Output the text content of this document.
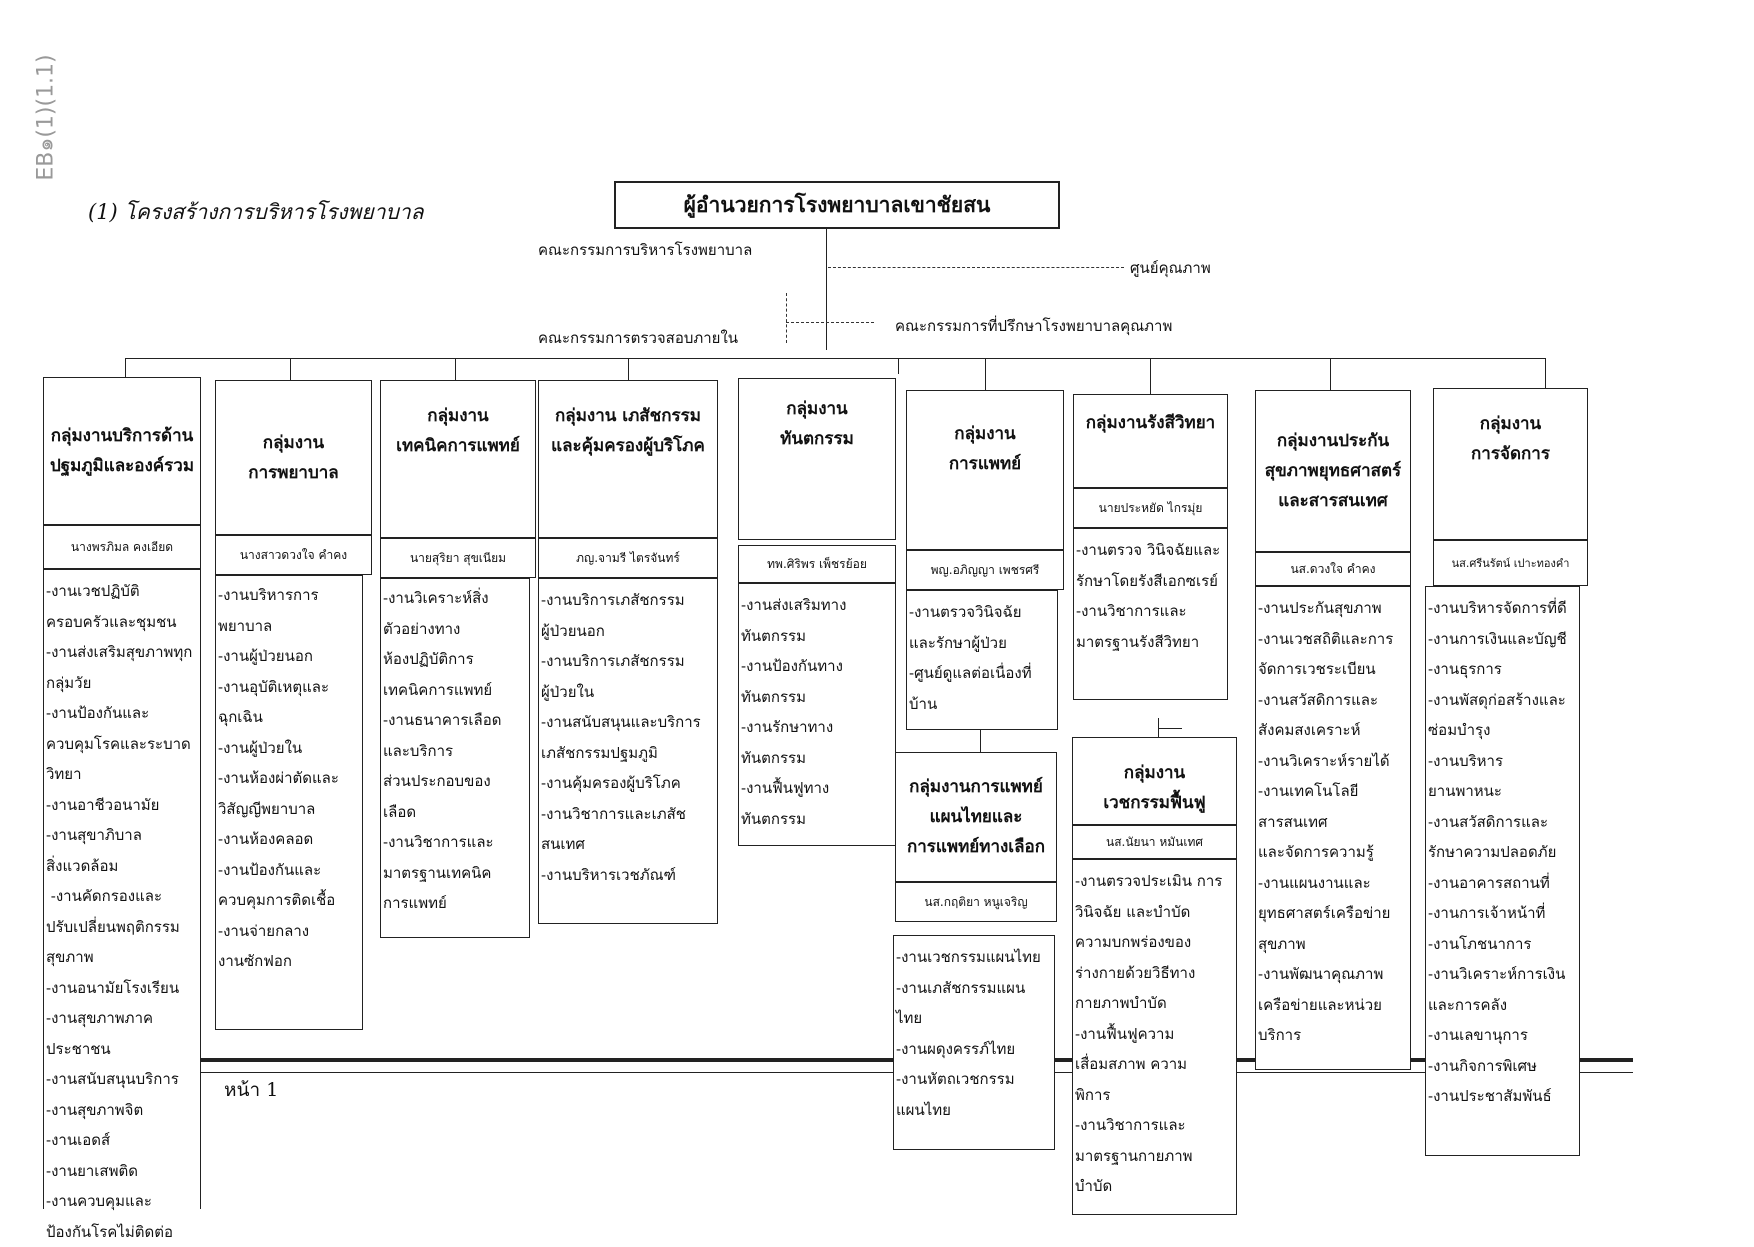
EB๑(1)(1.1)
(1) โครงสร้างการบริหารโรงพยาบาล	ผู้อำนวยการโรงพยาบาลเขาชัยสน
คณะกรรมการบริหารโรงพยาบาล
ศูนย์คุณภาพ
คณะกรรมการที่ปรึกษาโรงพยาบาลคุณภาพ
คณะกรรมการตรวจสอบภายใน
หน้า 1
กลุ่มงานบริการด้าน
ปฐมภูมิและองค์รวม
นางพรภิมล คงเอียด
-งานเวชปฏิบัติ
ครอบครัวและชุมชน
-งานส่งเสริมสุขภาพทุก
กลุ่มวัย
-งานป้องกันและ
ควบคุมโรคและระบาด
วิทยา
-งานอาชีวอนามัย
-งานสุขาภิบาล
สิ่งแวดล้อม
-งานคัดกรองและ
ปรับเปลี่ยนพฤติกรรม
สุขภาพ
-งานอนามัยโรงเรียน
-งานสุขภาพภาค
ประชาชน
-งานสนับสนุนบริการ
-งานสุขภาพจิต
-งานเอดส์
-งานยาเสพติด
-งานควบคุมและ
ป้องกันโรคไม่ติดต่อ
กลุ่มงาน
การพยาบาล
นางสาวดวงใจ คำคง
-งานบริหารการ
พยาบาล
-งานผู้ป่วยนอก
-งานอุบัติเหตุและ
ฉุกเฉิน
-งานผู้ป่วยใน
-งานห้องผ่าตัดและ
วิสัญญีพยาบาล
-งานห้องคลอด
-งานป้องกันและ
ควบคุมการติดเชื้อ
-งานจ่ายกลาง
งานซักฟอก
กลุ่มงาน
เทคนิคการแพทย์
นายสุริยา สุขเนียม
-งานวิเคราะห์สิ่ง
ตัวอย่างทาง
ห้องปฏิบัติการ
เทคนิคการแพทย์
-งานธนาคารเลือด
และบริการ
ส่วนประกอบของ
เลือด
-งานวิชาการและ
มาตรฐานเทคนิค
การแพทย์
กลุ่มงาน เภสัชกรรม
และคุ้มครองผู้บริโภค
ภญ.จามรี ไตรจันทร์
-งานบริการเภสัชกรรม
ผู้ป่วยนอก
-งานบริการเภสัชกรรม
ผู้ป่วยใน
-งานสนับสนุนและบริการ
เภสัชกรรมปฐมภูมิ
-งานคุ้มครองผู้บริโภค
-งานวิชาการและเภสัช
สนเทศ
-งานบริหารเวชภัณฑ์
กลุ่มงาน
ทันตกรรม
ทพ.ศิริพร เพ็ชรย้อย
-งานส่งเสริมทาง
ทันตกรรม
-งานป้องกันทาง
ทันตกรรม
-งานรักษาทาง
ทันตกรรม
-งานฟื้นฟูทาง
ทันตกรรม
กลุ่มงาน
การแพทย์
พญ.อภิญญา เพชรศรี
-งานตรวจวินิจฉัย
และรักษาผู้ป่วย
-ศูนย์ดูแลต่อเนื่องที่
บ้าน
กลุ่มงานรังสีวิทยา
นายประหยัด ไกรมุ่ย
-งานตรวจ วินิจฉัยและ
รักษาโดยรังสีเอกซเรย์
-งานวิชาการและ
มาตรฐานรังสีวิทยา
กลุ่มงานประกัน
สุขภาพยุทธศาสตร์
และสารสนเทศ
นส.ดวงใจ คำคง
-งานประกันสุขภาพ
-งานเวชสถิติและการ
จัดการเวชระเบียน
-งานสวัสดิการและ
สังคมสงเคราะห์
-งานวิเคราะห์รายได้
-งานเทคโนโลยี
สารสนเทศ
และจัดการความรู้
-งานแผนงานและ
ยุทธศาสตร์เครือข่าย
สุขภาพ
-งานพัฒนาคุณภาพ
เครือข่ายและหน่วย
บริการ
กลุ่มงาน
การจัดการ
นส.ศรีนรัตน์ เปาะทองคำ
-งานบริหารจัดการที่ดี
-งานการเงินและบัญชี
-งานธุรการ
-งานพัสดุก่อสร้างและ
ซ่อมบำรุง
-งานบริหาร
ยานพาหนะ
-งานสวัสดิการและ
รักษาความปลอดภัย
-งานอาคารสถานที่
-งานการเจ้าหน้าที่
-งานโภชนาการ
-งานวิเคราะห์การเงิน
และการคลัง
-งานเลขานุการ
-งานกิจการพิเศษ
-งานประชาสัมพันธ์
กลุ่มงานการแพทย์
แผนไทยและ
การแพทย์ทางเลือก
นส.กฤติยา หนูเจริญ
-งานเวชกรรมแผนไทย
-งานเภสัชกรรมแผน
ไทย
-งานผดุงครรภ์ไทย
-งานหัตถเวชกรรม
แผนไทย
กลุ่มงาน
เวชกรรมฟื้นฟู
นส.นัยนา หมันเทศ
-งานตรวจประเมิน การ
วินิจฉัย และบำบัด
ความบกพร่องของ
ร่างกายด้วยวิธีทาง
กายภาพบำบัด
-งานฟื้นฟูความ
เสื่อมสภาพ ความ
พิการ
-งานวิชาการและ
มาตรฐานกายภาพ
บำบัด
